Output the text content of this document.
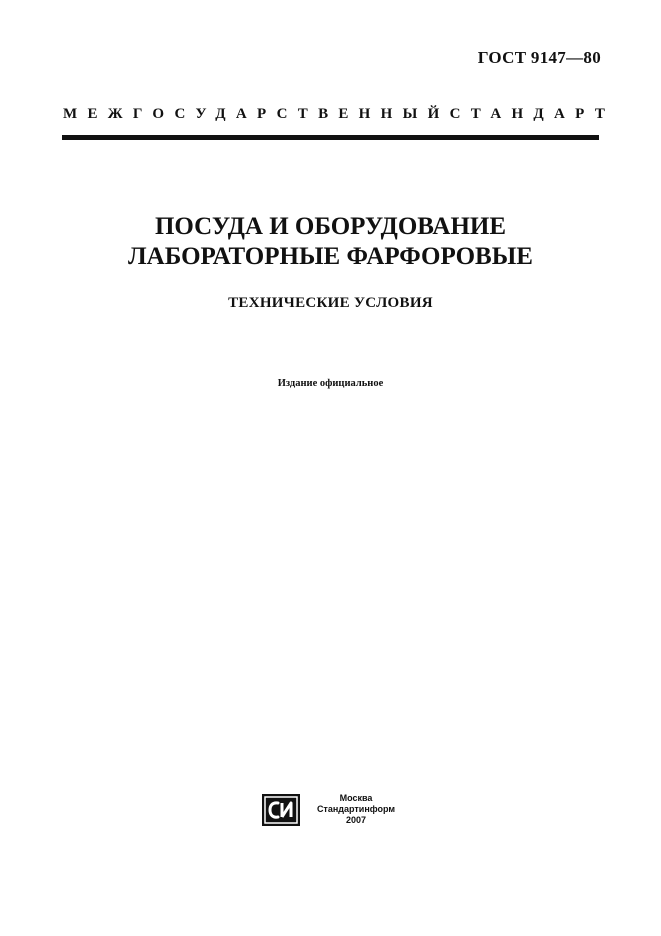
ГОСТ 9147—80
МЕЖГОСУДАРСТВЕННЫЙ СТАНДАРТ
ПОСУДА И ОБОРУДОВАНИЕ
ЛАБОРАТОРНЫЕ ФАРФОРОВЫЕ
ТЕХНИЧЕСКИЕ УСЛОВИЯ
Издание официальное
Москва
Стандартинформ
2007
